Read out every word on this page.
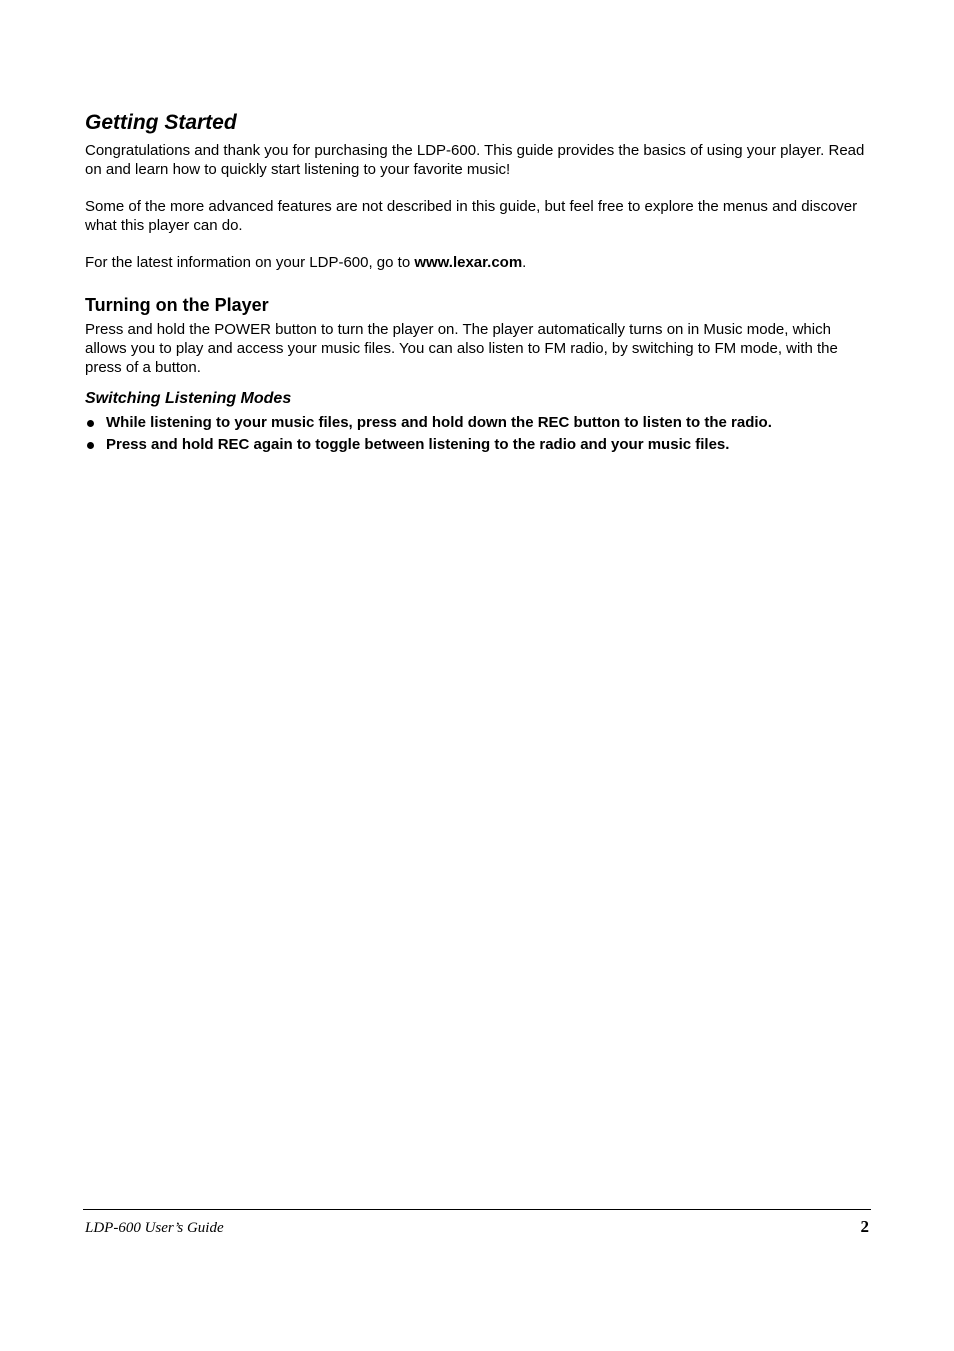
Getting Started

Congratulations and thank you for purchasing the LDP-600. This guide provides the basics of using your player. Read on and learn how to quickly start listening to your favorite music!

Some of the more advanced features are not described in this guide, but feel free to explore the menus and discover what this player can do.

For the latest information on your LDP-600, go to www.lexar.com.

Turning on the Player

Press and hold the POWER button to turn the player on. The player automatically turns on in Music mode, which allows you to play and access your music files. You can also listen to FM radio, by switching to FM mode, with the press of a button.

Switching Listening Modes
While listening to your music files, press and hold down the REC button to listen to the radio.
Press and hold REC again to toggle between listening to the radio and your music files.
LDP-600 User’s Guide	2
